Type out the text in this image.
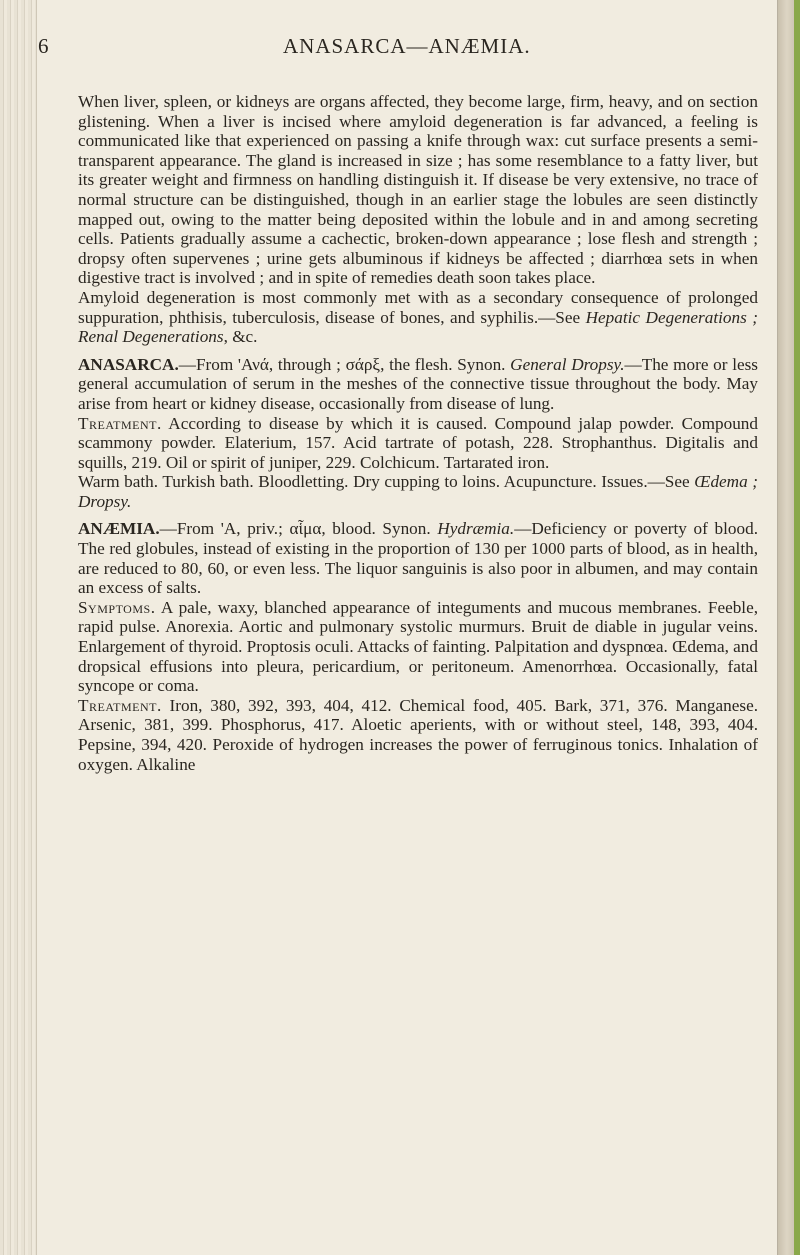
6	ANASARCA—ANÆMIA.

When liver, spleen, or kidneys are organs affected, they become large, firm, heavy, and on section glistening. When a liver is incised where amyloid degeneration is far advanced, a feeling is communicated like that experienced on passing a knife through wax: cut surface presents a semi-transparent appearance. The gland is increased in size ; has some resemblance to a fatty liver, but its greater weight and firmness on handling distinguish it. If disease be very extensive, no trace of normal structure can be distinguished, though in an earlier stage the lobules are seen distinctly mapped out, owing to the matter being deposited within the lobule and in and among secreting cells. Patients gradually assume a cachectic, broken-down appearance ; lose flesh and strength ; dropsy often supervenes ; urine gets albuminous if kidneys be affected ; diarrhœa sets in when digestive tract is involved ; and in spite of remedies death soon takes place.

Amyloid degeneration is most commonly met with as a secondary consequence of prolonged suppuration, phthisis, tuberculosis, disease of bones, and syphilis.—See Hepatic Degenerations ; Renal Degenerations, &c.

ANASARCA.—From 'Ανά, through ; σάρξ, the flesh. Synon. General Dropsy.—The more or less general accumulation of serum in the meshes of the connective tissue throughout the body. May arise from heart or kidney disease, occasionally from disease of lung.

Treatment. According to disease by which it is caused. Compound jalap powder. Compound scammony powder. Elaterium, 157. Acid tartrate of potash, 228. Strophanthus. Digitalis and squills, 219. Oil or spirit of juniper, 229. Colchicum. Tartarated iron.

Warm bath. Turkish bath. Bloodletting. Dry cupping to loins. Acupuncture. Issues.—See Œdema ; Dropsy.

ANÆMIA.—From 'Α, priv.; αἷμα, blood. Synon. Hydræmia.—Deficiency or poverty of blood. The red globules, instead of existing in the proportion of 130 per 1000 parts of blood, as in health, are reduced to 80, 60, or even less. The liquor sanguinis is also poor in albumen, and may contain an excess of salts.

Symptoms. A pale, waxy, blanched appearance of integuments and mucous membranes. Feeble, rapid pulse. Anorexia. Aortic and pulmonary systolic murmurs. Bruit de diable in jugular veins. Enlargement of thyroid. Proptosis oculi. Attacks of fainting. Palpitation and dyspnœa. Œdema, and dropsical effusions into pleura, pericardium, or peritoneum. Amenorrhœa. Occasionally, fatal syncope or coma.

Treatment. Iron, 380, 392, 393, 404, 412. Chemical food, 405. Bark, 371, 376. Manganese. Arsenic, 381, 399. Phosphorus, 417. Aloetic aperients, with or without steel, 148, 393, 404. Pepsine, 394, 420. Peroxide of hydrogen increases the power of ferruginous tonics. Inhalation of oxygen. Alkaline
